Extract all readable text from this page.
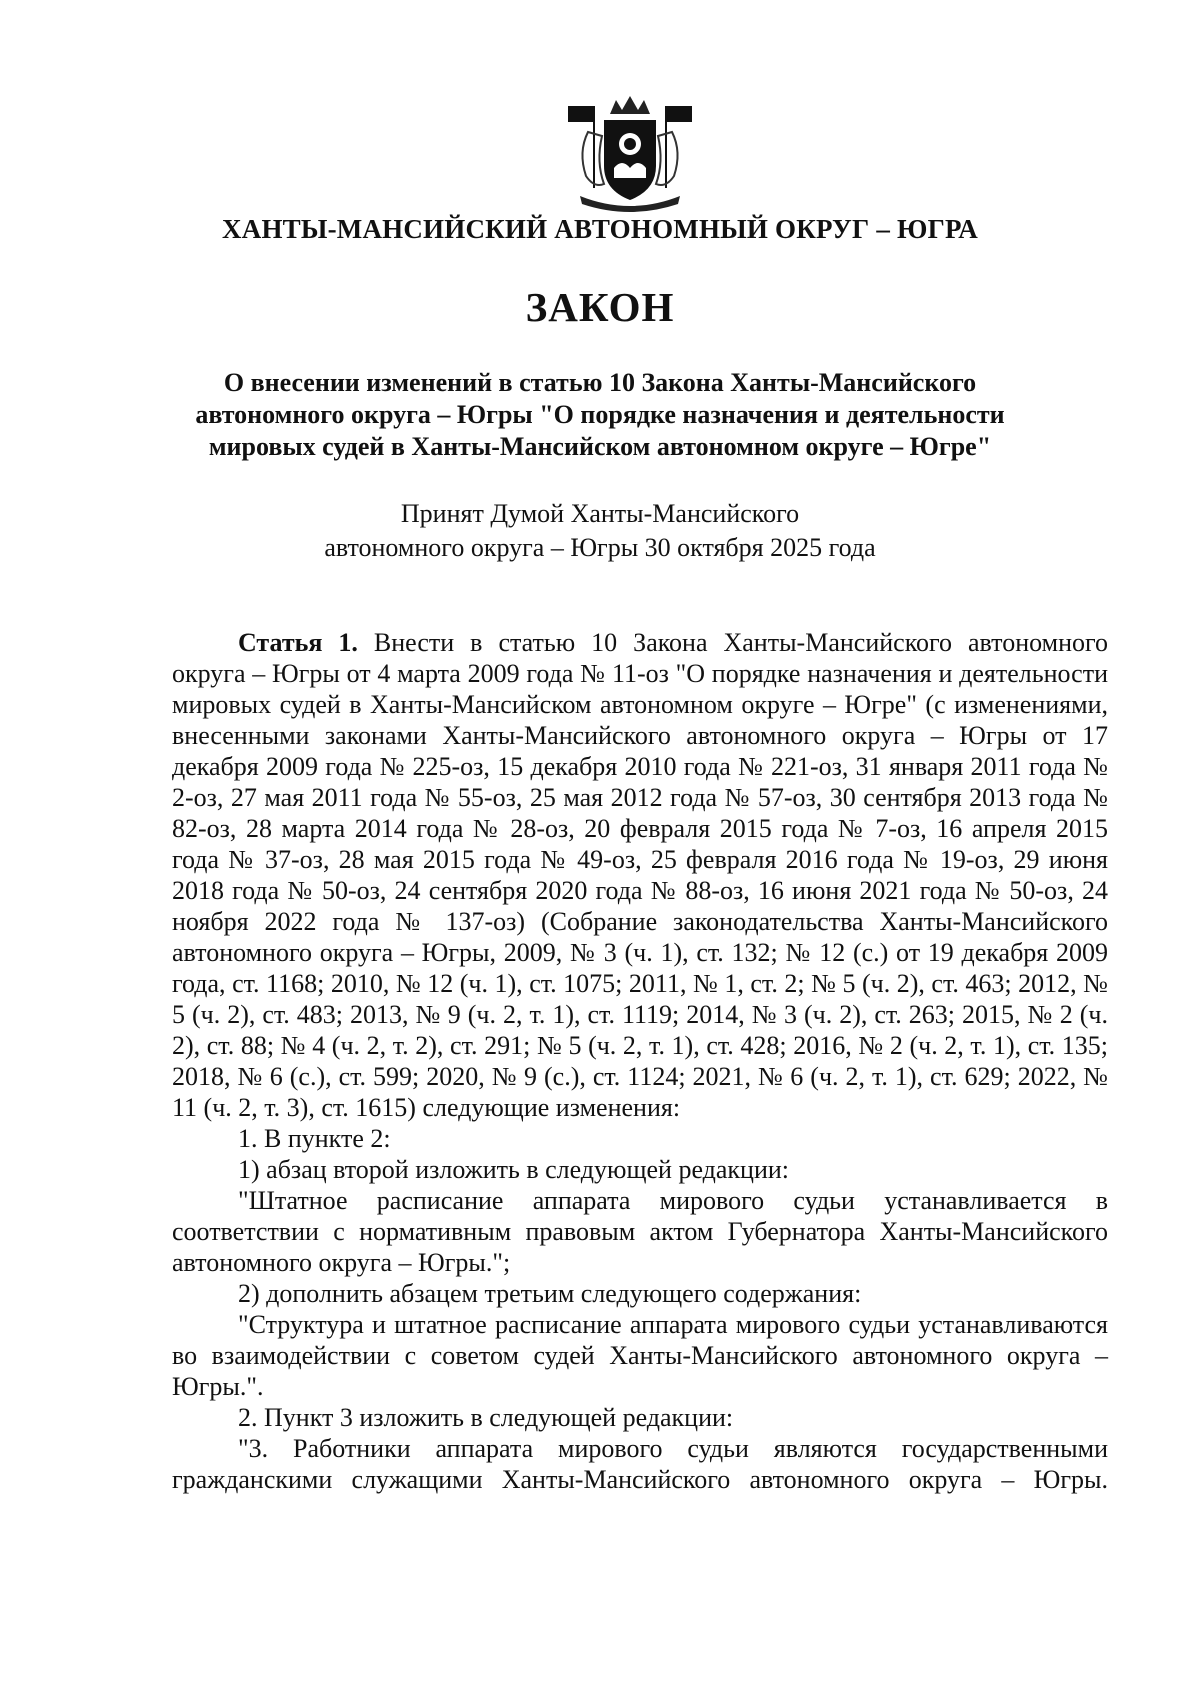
ХАНТЫ-МАНСИЙСКИЙ АВТОНОМНЫЙ ОКРУГ – ЮГРА
ЗАКОН
О внесении изменений в статью 10 Закона Ханты-Мансийского
автономного округа – Югры "О порядке назначения и деятельности
мировых судей в Ханты-Мансийском автономном округе – Югре"
Принят Думой Ханты-Мансийского
автономного округа – Югры 30 октября 2025 года

Статья 1. Внести в статью 10 Закона Ханты-Мансийского автономного округа – Югры от 4 марта 2009 года № 11-оз "О порядке назначения и деятельности мировых судей в Ханты-Мансийском автономном округе – Югре" (с изменениями, внесенными законами Ханты-Мансийского автономного округа – Югры от 17 декабря 2009 года № 225-оз, 15 декабря 2010 года № 221-оз, 31 января 2011 года № 2-оз, 27 мая 2011 года № 55-оз, 25 мая 2012 года № 57-оз, 30 сентября 2013 года № 82-оз, 28 марта 2014 года № 28-оз, 20 февраля 2015 года № 7-оз, 16 апреля 2015 года № 37-оз, 28 мая 2015 года № 49-оз, 25 февраля 2016 года № 19-оз, 29 июня 2018 года № 50-оз, 24 сентября 2020 года № 88-оз, 16 июня 2021 года № 50-оз, 24 ноября 2022 года № 137-оз) (Собрание законодательства Ханты-Мансийского автономного округа – Югры, 2009, № 3 (ч. 1), ст. 132; № 12 (с.) от 19 декабря 2009 года, ст. 1168; 2010, № 12 (ч. 1), ст. 1075; 2011, № 1, ст. 2; № 5 (ч. 2), ст. 463; 2012, № 5 (ч. 2), ст. 483; 2013, № 9 (ч. 2, т. 1), ст. 1119; 2014, № 3 (ч. 2), ст. 263; 2015, № 2 (ч. 2), ст. 88; № 4 (ч. 2, т. 2), ст. 291; № 5 (ч. 2, т. 1), ст. 428; 2016, № 2 (ч. 2, т. 1), ст. 135; 2018, № 6 (с.), ст. 599; 2020, № 9 (с.), ст. 1124; 2021, № 6 (ч. 2, т. 1), ст. 629; 2022, № 11 (ч. 2, т. 3), ст. 1615) следующие изменения:

1. В пункте 2:

1) абзац второй изложить в следующей редакции:

"Штатное расписание аппарата мирового судьи устанавливается в соответствии с нормативным правовым актом Губернатора Ханты-Мансийского автономного округа – Югры.";

2) дополнить абзацем третьим следующего содержания:

"Структура и штатное расписание аппарата мирового судьи устанавливаются во взаимодействии с советом судей Ханты-Мансийского автономного округа – Югры.".

2. Пункт 3 изложить в следующей редакции:

"3. Работники аппарата мирового судьи являются государственными гражданскими служащими Ханты-Мансийского автономного округа – Югры.
